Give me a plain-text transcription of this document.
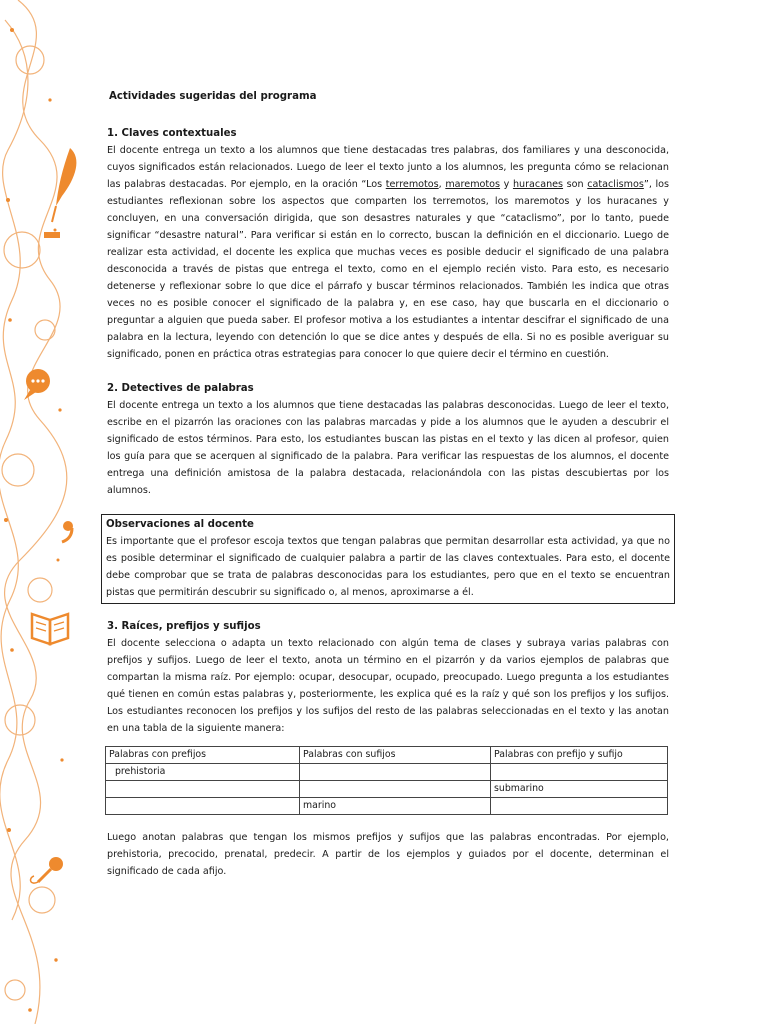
Actividades sugeridas del programa

1. Claves contextuales

El docente entrega un texto a los alumnos que tiene destacadas tres palabras, dos familiares y una desconocida, cuyos significados están relacionados. Luego de leer el texto junto a los alumnos, les pregunta cómo se relacionan las palabras destacadas. Por ejemplo, en la oración “Los terremotos, maremotos y huracanes son cataclismos”, los estudiantes reflexionan sobre los aspectos que comparten los terremotos, los maremotos y los huracanes y concluyen, en una conversación dirigida, que son desastres naturales y que “cataclismo”, por lo tanto, puede significar “desastre natural”. Para verificar si están en lo correcto, buscan la definición en el diccionario. Luego de realizar esta actividad, el docente les explica que muchas veces es posible deducir el significado de una palabra desconocida a través de pistas que entrega el texto, como en el ejemplo recién visto. Para esto, es necesario detenerse y reflexionar sobre lo que dice el párrafo y buscar términos relacionados. También les indica que otras veces no es posible conocer el significado de la palabra y, en ese caso, hay que buscarla en el diccionario o preguntar a alguien que pueda saber. El profesor motiva a los estudiantes a intentar descifrar el significado de una palabra en la lectura, leyendo con detención lo que se dice antes y después de ella. Si no es posible averiguar su significado, ponen en práctica otras estrategias para conocer lo que quiere decir el término en cuestión.

2. Detectives de palabras

El docente entrega un texto a los alumnos que tiene destacadas las palabras desconocidas. Luego de leer el texto, escribe en el pizarrón las oraciones con las palabras marcadas y pide a los alumnos que le ayuden a descubrir el significado de estos términos. Para esto, los estudiantes buscan las pistas en el texto y las dicen al profesor, quien los guía para que se acerquen al significado de la palabra. Para verificar las respuestas de los alumnos, el docente entrega una definición amistosa de la palabra destacada, relacionándola con las pistas descubiertas por los alumnos.

Observaciones al docente

Es importante que el profesor escoja textos que tengan palabras que permitan desarrollar esta actividad, ya que no es posible determinar el significado de cualquier palabra a partir de las claves contextuales. Para esto, el docente debe comprobar que se trata de palabras desconocidas para los estudiantes, pero que en el texto se encuentran pistas que permitirán descubrir su significado o, al menos, aproximarse a él.

3. Raíces, prefijos y sufijos

El docente selecciona o adapta un texto relacionado con algún tema de clases y subraya varias palabras con prefijos y sufijos. Luego de leer el texto, anota un término en el pizarrón y da varios ejemplos de palabras que compartan la misma raíz. Por ejemplo: ocupar, desocupar, ocupado, preocupado. Luego pregunta a los estudiantes qué tienen en común estas palabras y, posteriormente, les explica qué es la raíz y qué son los prefijos y los sufijos. Los estudiantes reconocen los prefijos y los sufijos del resto de las palabras seleccionadas en el texto y las anotan en una tabla de la siguiente manera:

Palabras con prefijos	Palabras con sufijos	Palabras con prefijo y sufijo
prehistoria		
		submarino
	marino	

Luego anotan palabras que tengan los mismos prefijos y sufijos que las palabras encontradas. Por ejemplo, prehistoria, precocido, prenatal, predecir. A partir de los ejemplos y guiados por el docente, determinan el significado de cada afijo.
